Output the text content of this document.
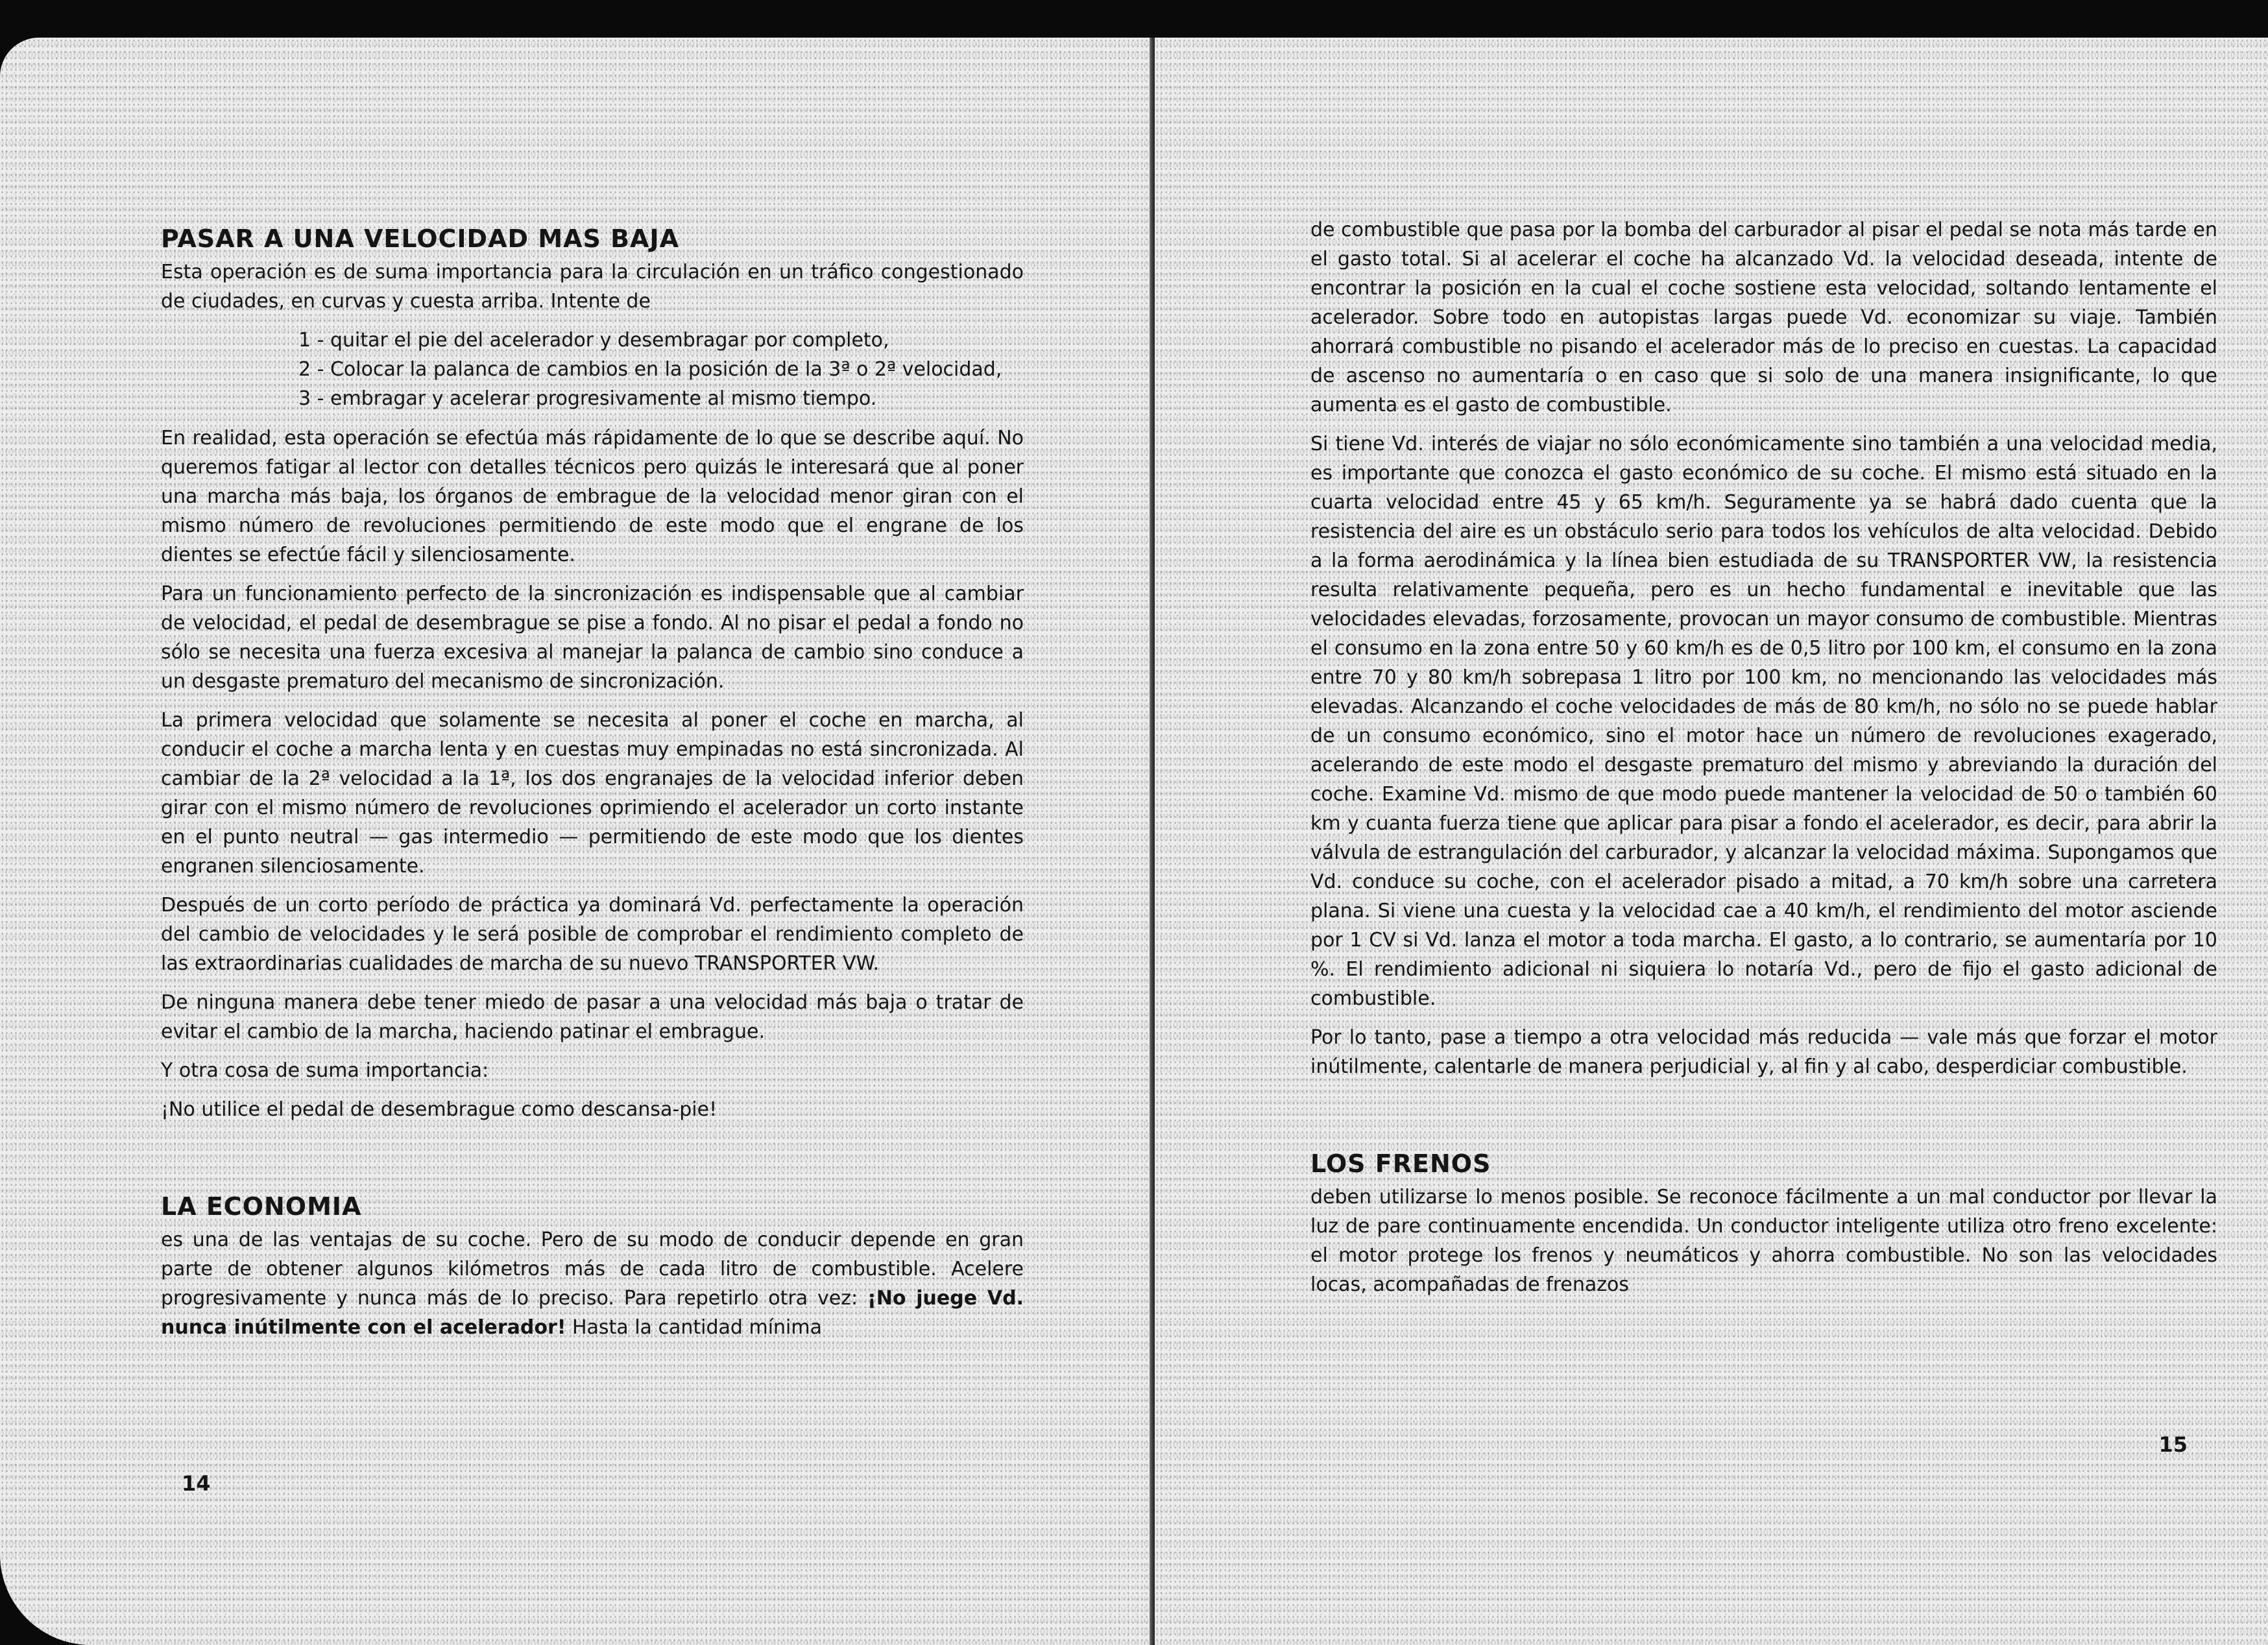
PASAR A UNA VELOCIDAD MAS BAJA

Esta operación es de suma importancia para la circulación en un tráfico congestionado de ciudades, en curvas y cuesta arriba. Intente de

1 - quitar el pie del acelerador y desembragar por completo,
2 - Colocar la palanca de cambios en la posición de la 3ª o 2ª velocidad,
3 - embragar y acelerar progresivamente al mismo tiempo.

En realidad, esta operación se efectúa más rápidamente de lo que se describe aquí. No queremos fatigar al lector con detalles técnicos pero quizás le interesará que al poner una marcha más baja, los órganos de embrague de la velocidad menor giran con el mismo número de revoluciones permitiendo de este modo que el engrane de los dientes se efectúe fácil y silenciosamente.

Para un funcionamiento perfecto de la sincronización es indispensable que al cambiar de velocidad, el pedal de desembrague se pise a fondo. Al no pisar el pedal a fondo no sólo se necesita una fuerza excesiva al manejar la palanca de cambio sino conduce a un desgaste prematuro del mecanismo de sincronización.

La primera velocidad que solamente se necesita al poner el coche en marcha, al conducir el coche a marcha lenta y en cuestas muy empinadas no está sincronizada. Al cambiar de la 2ª velocidad a la 1ª, los dos engranajes de la velocidad inferior deben girar con el mismo número de revoluciones oprimiendo el acelerador un corto instante en el punto neutral — gas intermedio — permitiendo de este modo que los dientes engranen silenciosamente.

Después de un corto período de práctica ya dominará Vd. perfectamente la operación del cambio de velocidades y le será posible de comprobar el rendimiento completo de las extraordinarias cualidades de marcha de su nuevo TRANSPORTER VW.

De ninguna manera debe tener miedo de pasar a una velocidad más baja o tratar de evitar el cambio de la marcha, haciendo patinar el embrague.

Y otra cosa de suma importancia:

¡No utilice el pedal de desembrague como descansa-pie!

LA ECONOMIA

es una de las ventajas de su coche. Pero de su modo de conducir depende en gran parte de obtener algunos kilómetros más de cada litro de combustible. Acelere progresivamente y nunca más de lo preciso. Para repetirlo otra vez: ¡No juege Vd. nunca inútilmente con el acelerador! Hasta la cantidad mínima

14

de combustible que pasa por la bomba del carburador al pisar el pedal se nota más tarde en el gasto total. Si al acelerar el coche ha alcanzado Vd. la velocidad deseada, intente de encontrar la posición en la cual el coche sostiene esta velocidad, soltando lentamente el acelerador. Sobre todo en autopistas largas puede Vd. economizar su viaje. También ahorrará combustible no pisando el acelerador más de lo preciso en cuestas. La capacidad de ascenso no aumentaría o en caso que si solo de una manera insignificante, lo que aumenta es el gasto de combustible.

Si tiene Vd. interés de viajar no sólo económicamente sino también a una velocidad media, es importante que conozca el gasto económico de su coche. El mismo está situado en la cuarta velocidad entre 45 y 65 km/h. Seguramente ya se habrá dado cuenta que la resistencia del aire es un obstáculo serio para todos los vehículos de alta velocidad. Debido a la forma aerodinámica y la línea bien estudiada de su TRANSPORTER VW, la resistencia resulta relativamente pequeña, pero es un hecho fundamental e inevitable que las velocidades elevadas, forzosamente, provocan un mayor consumo de combustible. Mientras el consumo en la zona entre 50 y 60 km/h es de 0,5 litro por 100 km, el consumo en la zona entre 70 y 80 km/h sobrepasa 1 litro por 100 km, no mencionando las velocidades más elevadas. Alcanzando el coche velocidades de más de 80 km/h, no sólo no se puede hablar de un consumo económico, sino el motor hace un número de revoluciones exagerado, acelerando de este modo el desgaste prematuro del mismo y abreviando la duración del coche. Examine Vd. mismo de que modo puede mantener la velocidad de 50 o también 60 km y cuanta fuerza tiene que aplicar para pisar a fondo el acelerador, es decir, para abrir la válvula de estrangulación del carburador, y alcanzar la velocidad máxima. Supongamos que Vd. conduce su coche, con el acelerador pisado a mitad, a 70 km/h sobre una carretera plana. Si viene una cuesta y la velocidad cae a 40 km/h, el rendimiento del motor asciende por 1 CV si Vd. lanza el motor a toda marcha. El gasto, a lo contrario, se aumentaría por 10 %. El rendimiento adicional ni siquiera lo notaría Vd., pero de fijo el gasto adicional de combustible.

Por lo tanto, pase a tiempo a otra velocidad más reducida — vale más que forzar el motor inútilmente, calentarle de manera perjudicial y, al fin y al cabo, desperdiciar combustible.

LOS FRENOS

deben utilizarse lo menos posible. Se reconoce fácilmente a un mal conductor por llevar la luz de pare continuamente encendida. Un conductor inteligente utiliza otro freno excelente: el motor protege los frenos y neumáticos y ahorra combustible. No son las velocidades locas, acompañadas de frenazos

15
